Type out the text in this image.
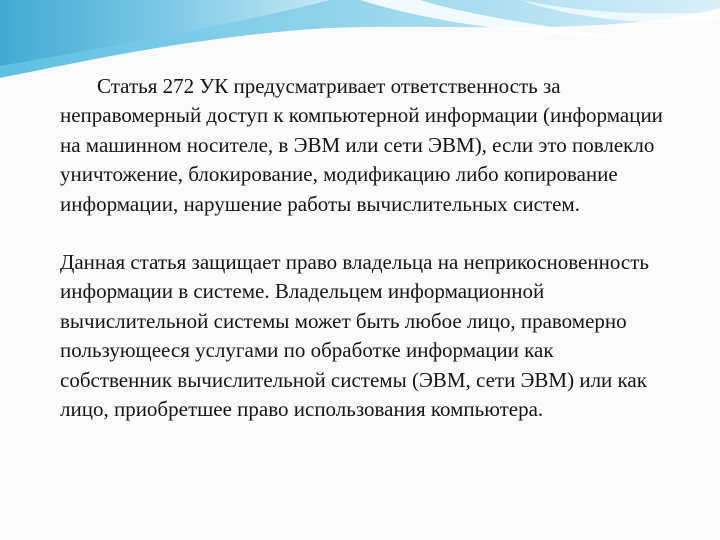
Статья 272 УК предусматривает ответственность за неправомерный доступ к компьютерной информации (информации на машинном носителе, в ЭВМ или сети ЭВМ), если это повлекло уничтожение, блокирование, модификацию либо копирование информации, нарушение работы вычислительных систем.

Данная статья защищает право владельца на неприкосновенность информации в системе. Владельцем информационной вычислительной системы может быть любое лицо, правомерно пользующееся услугами по обработке информации как собственник вычислительной системы (ЭВМ, сети ЭВМ) или как лицо, приобретшее право использования компьютера.
